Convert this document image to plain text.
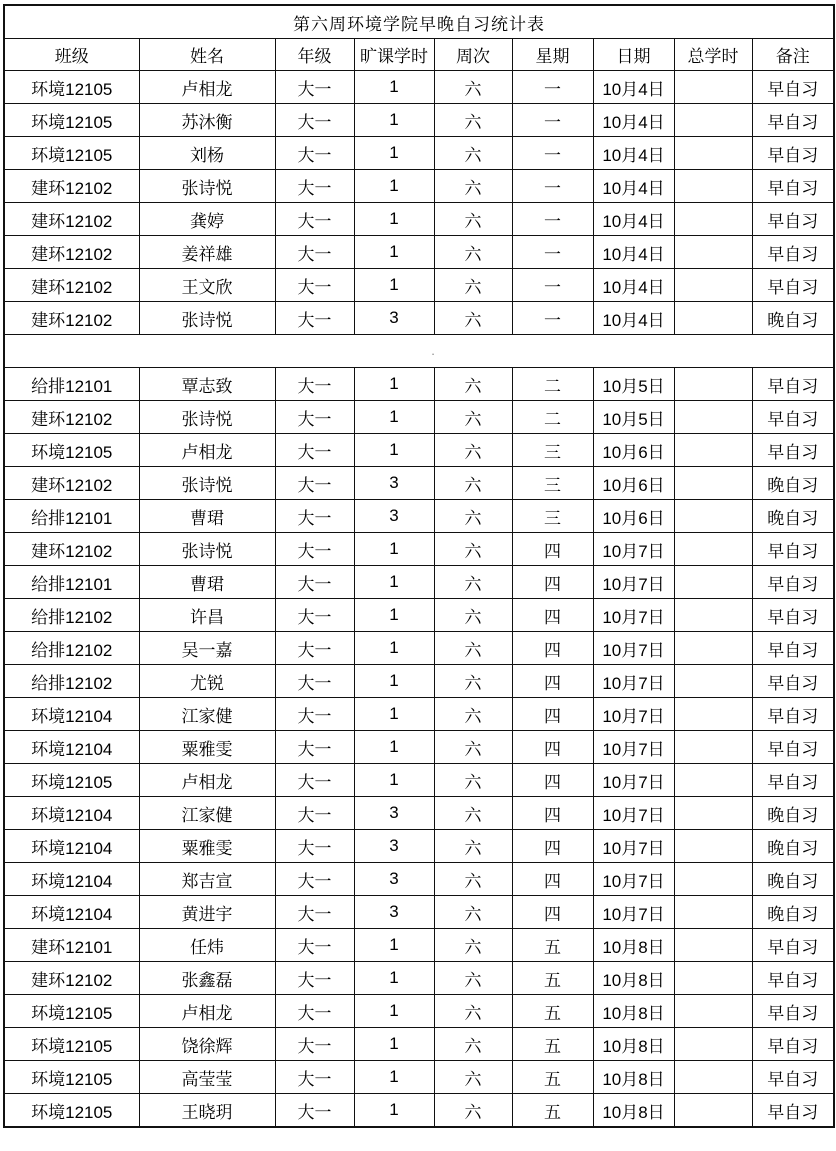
第六周环境学院早晚自习统计表								
班级	姓名	年级	旷课学时	周次	星期	日期	总学时	备注
环境12105	卢相龙	大一	1	六	一	10月4日		早自习
环境12105	苏沐衡	大一	1	六	一	10月4日		早自习
环境12105	刘杨	大一	1	六	一	10月4日		早自习
建环12102	张诗悦	大一	1	六	一	10月4日		早自习
建环12102	龚婷	大一	1	六	一	10月4日		早自习
建环12102	姜祥雄	大一	1	六	一	10月4日		早自习
建环12102	王文欣	大一	1	六	一	10月4日		早自习
建环12102	张诗悦	大一	3	六	一	10月4日		晚自习
.								
给排12101	覃志致	大一	1	六	二	10月5日		早自习
建环12102	张诗悦	大一	1	六	二	10月5日		早自习
环境12105	卢相龙	大一	1	六	三	10月6日		早自习
建环12102	张诗悦	大一	3	六	三	10月6日		晚自习
给排12101	曹珺	大一	3	六	三	10月6日		晚自习
建环12102	张诗悦	大一	1	六	四	10月7日		早自习
给排12101	曹珺	大一	1	六	四	10月7日		早自习
给排12102	许昌	大一	1	六	四	10月7日		早自习
给排12102	吴一嘉	大一	1	六	四	10月7日		早自习
给排12102	尤锐	大一	1	六	四	10月7日		早自习
环境12104	江家健	大一	1	六	四	10月7日		早自习
环境12104	粟雅雯	大一	1	六	四	10月7日		早自习
环境12105	卢相龙	大一	1	六	四	10月7日		早自习
环境12104	江家健	大一	3	六	四	10月7日		晚自习
环境12104	粟雅雯	大一	3	六	四	10月7日		晚自习
环境12104	郑吉宣	大一	3	六	四	10月7日		晚自习
环境12104	黄进宇	大一	3	六	四	10月7日		晚自习
建环12101	任炜	大一	1	六	五	10月8日		早自习
建环12102	张鑫磊	大一	1	六	五	10月8日		早自习
环境12105	卢相龙	大一	1	六	五	10月8日		早自习
环境12105	饶徐辉	大一	1	六	五	10月8日		早自习
环境12105	高莹莹	大一	1	六	五	10月8日		早自习
环境12105	王晓玥	大一	1	六	五	10月8日		早自习
